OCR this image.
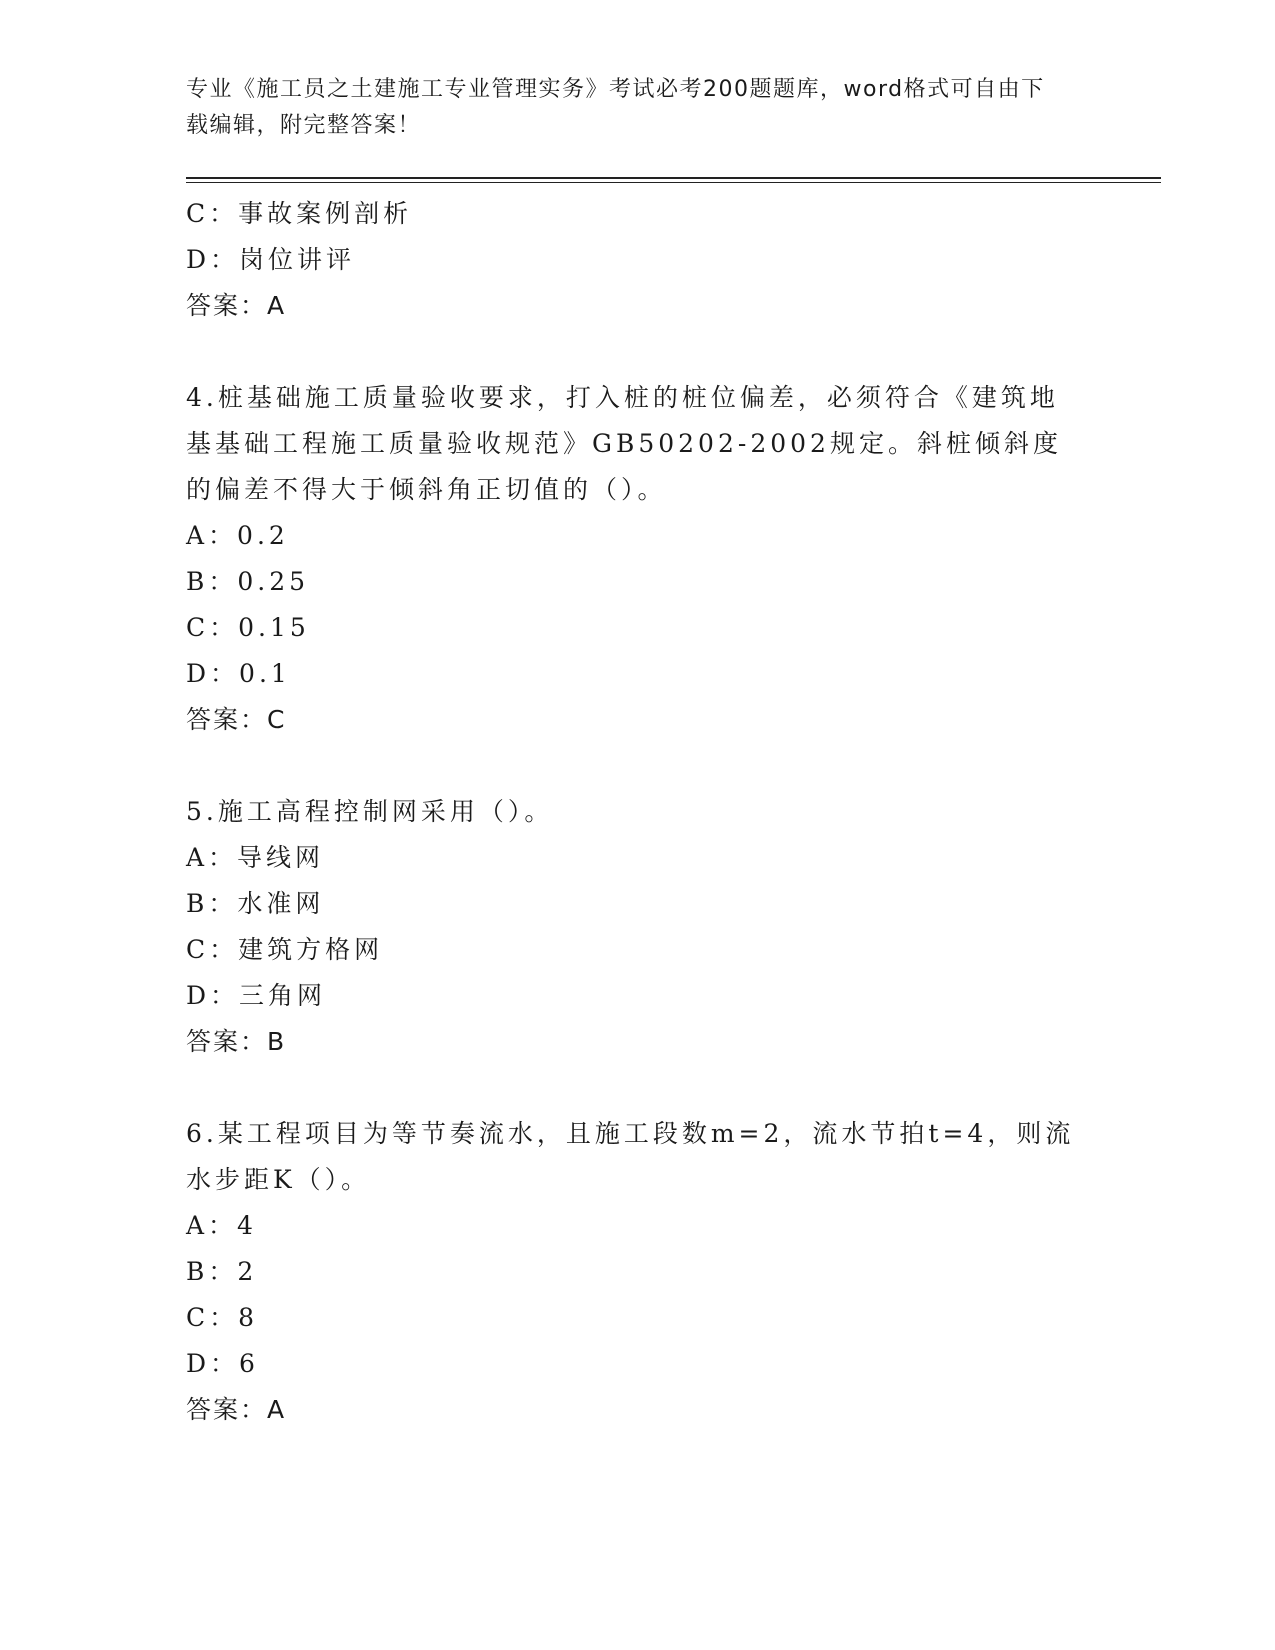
专业《施工员之土建施工专业管理实务》考试必考200题题库，word格式可自由下载编辑，附完整答案！
C：事故案例剖析
D：岗位讲评
答案：A
4.桩基础施工质量验收要求，打入桩的桩位偏差，必须符合《建筑地基基础工程施工质量验收规范》GB50202-2002规定。斜桩倾斜度的偏差不得大于倾斜角正切值的（）。
A：0.2
B：0.25
C：0.15
D：0.1
答案：C
5.施工高程控制网采用（）。
A：导线网
B：水准网
C：建筑方格网
D：三角网
答案：B
6.某工程项目为等节奏流水，且施工段数m=2，流水节拍t=4，则流水步距K（）。
A：4
B：2
C：8
D：6
答案：A
